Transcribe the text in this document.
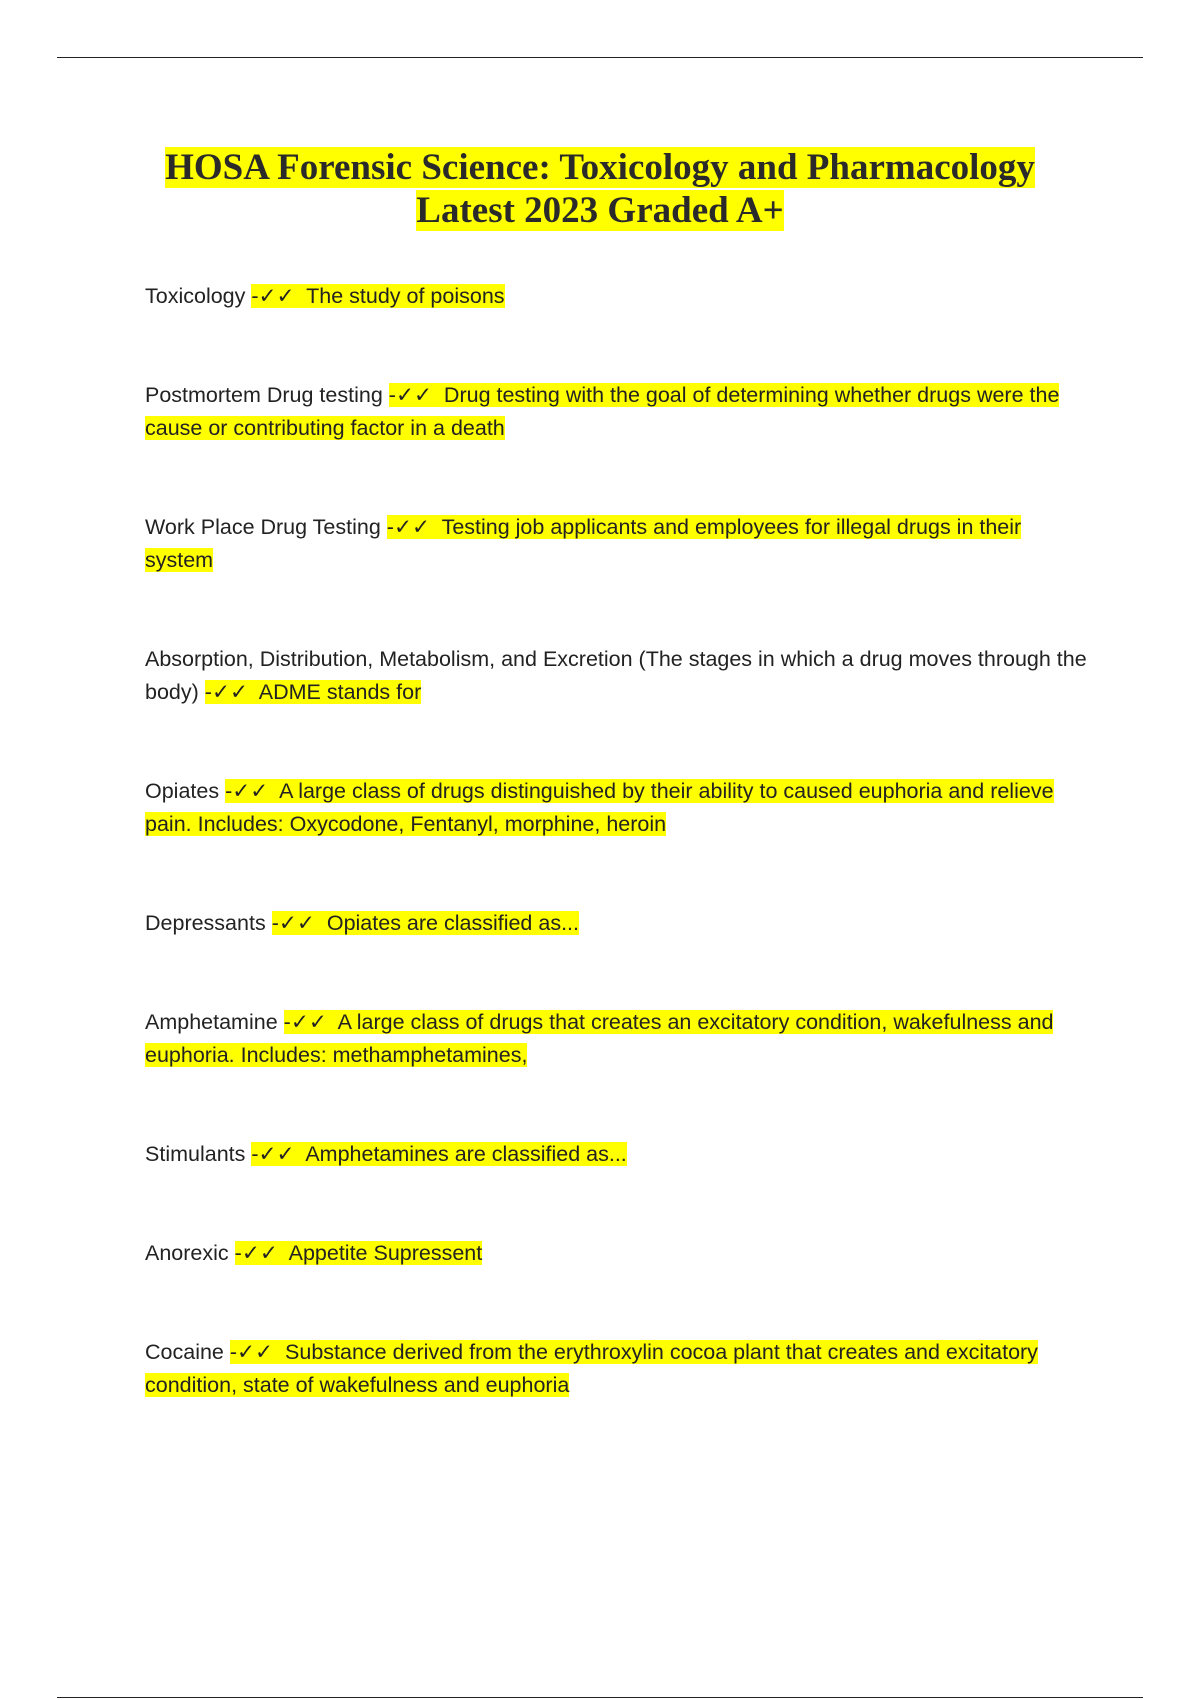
HOSA Forensic Science: Toxicology and Pharmacology
Latest 2023 Graded A+

Toxicology -✓✓ The study of poisons

Postmortem Drug testing -✓✓ Drug testing with the goal of determining whether drugs were the cause or contributing factor in a death

Work Place Drug Testing -✓✓ Testing job applicants and employees for illegal drugs in their system

Absorption, Distribution, Metabolism, and Excretion (The stages in which a drug moves through the body) -✓✓ ADME stands for

Opiates -✓✓ A large class of drugs distinguished by their ability to caused euphoria and relieve pain. Includes: Oxycodone, Fentanyl, morphine, heroin

Depressants -✓✓ Opiates are classified as...

Amphetamine -✓✓ A large class of drugs that creates an excitatory condition, wakefulness and euphoria. Includes: methamphetamines,

Stimulants -✓✓ Amphetamines are classified as...

Anorexic -✓✓ Appetite Supressent

Cocaine -✓✓ Substance derived from the erythroxylin cocoa plant that creates and excitatory condition, state of wakefulness and euphoria
